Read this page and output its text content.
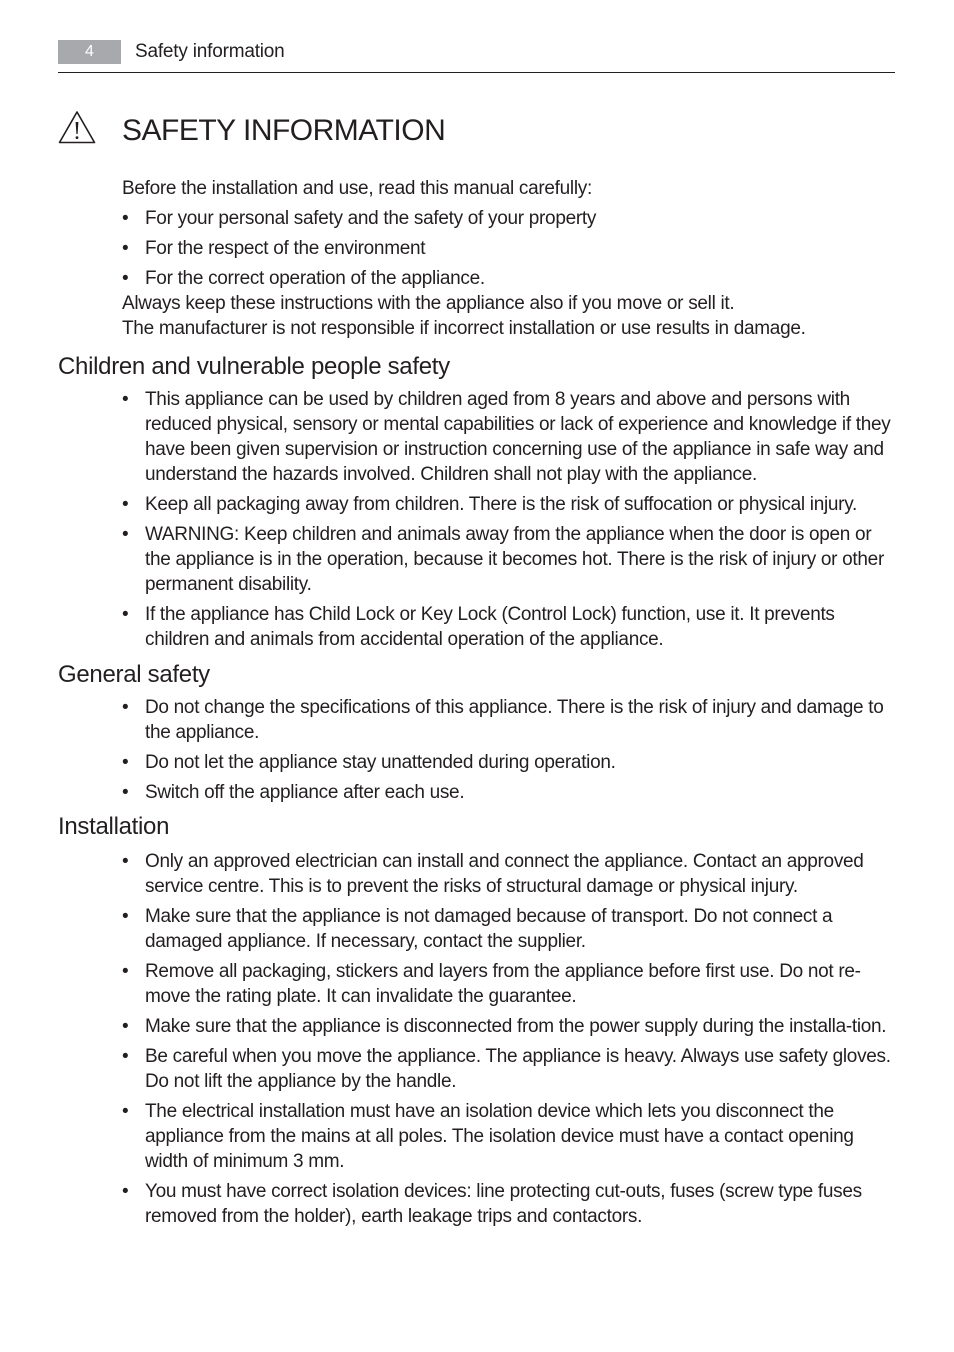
4	Safety information
SAFETY INFORMATION

Before the installation and use, read this manual carefully:

• For your personal safety and the safety of your property
• For the respect of the environment
• For the correct operation of the appliance.

Always keep these instructions with the appliance also if you move or sell it.

The manufacturer is not responsible if incorrect installation or use results in damage.

Children and vulnerable people safety
• This appliance can be used by children aged from 8 years and above and persons with reduced physical, sensory or mental capabilities or lack of experience and knowledge if they have been given supervision or instruction concerning use of the appliance in safe way and understand the hazards involved. Children shall not play with the appliance.
• Keep all packaging away from children. There is the risk of suffocation or physical injury.
• WARNING: Keep children and animals away from the appliance when the door is open or the appliance is in the operation, because it becomes hot. There is the risk of injury or other permanent disability.
• If the appliance has Child Lock or Key Lock (Control Lock) function, use it. It prevents children and animals from accidental operation of the appliance.
General safety
• Do not change the specifications of this appliance. There is the risk of injury and damage to the appliance.
• Do not let the appliance stay unattended during operation.
• Switch off the appliance after each use.
Installation
• Only an approved electrician can install and connect the appliance. Contact an approved service centre. This is to prevent the risks of structural damage or physical injury.
• Make sure that the appliance is not damaged because of transport. Do not connect a damaged appliance. If necessary, contact the supplier.
• Remove all packaging, stickers and layers from the appliance before first use. Do not re-move the rating plate. It can invalidate the guarantee.
• Make sure that the appliance is disconnected from the power supply during the installa-tion.
• Be careful when you move the appliance. The appliance is heavy. Always use safety gloves. Do not lift the appliance by the handle.
• The electrical installation must have an isolation device which lets you disconnect the appliance from the mains at all poles. The isolation device must have a contact opening width of minimum 3 mm.
• You must have correct isolation devices: line protecting cut-outs, fuses (screw type fuses removed from the holder), earth leakage trips and contactors.
